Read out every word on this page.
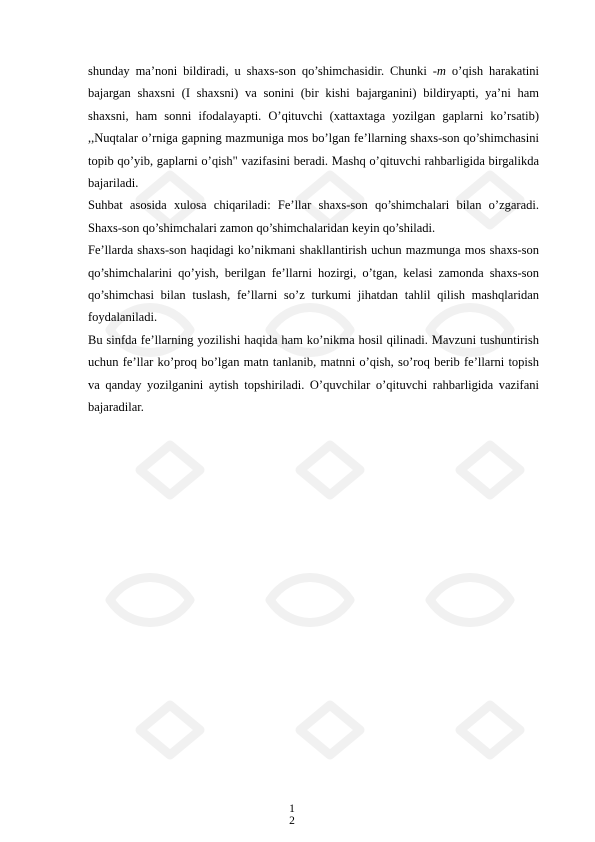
shunday ma’noni bildiradi, u shaxs-son qo’shimchasidir. Chunki -m o’qish harakatini bajargan shaxsni (I shaxsni) va sonini (bir kishi bajarganini) bildiryapti, ya’ni ham shaxsni, ham sonni ifodalayapti. O’qituvchi (xattaxtaga yozilgan gaplarni ko’rsatib) ,,Nuqtalar o’rniga gapning mazmuniga mos bo’lgan fe’llarning shaxs-son qo’shimchasini topib qo’yib, gaplarni o’qish" vazifasini beradi. Mashq o’qituvchi rahbarligida birgalikda bajariladi.

Suhbat asosida xulosa chiqariladi: Fe’llar shaxs-son qo’shimchalari bilan o’zgaradi. Shaxs-son qo’shimchalari zamon qo’shimchalaridan keyin qo’shiladi.

Fe’llarda shaxs-son haqidagi ko’nikmani shakllantirish uchun mazmunga mos shaxs-son qo’shimchalarini qo’yish, berilgan fe’llarni hozirgi, o’tgan, kelasi zamonda shaxs-son qo’shimchasi bilan tuslash, fe’llarni so’z turkumi jihatdan tahlil qilish mashqlaridan foydalaniladi.

Bu sinfda fe’llarning yozilishi haqida ham ko’nikma hosil qilinadi. Mavzuni tushuntirish uchun fe’llar ko’proq bo’lgan matn tanlanib, matnni o’qish, so’roq berib fe’llarni topish va qanday yozilganini aytish topshiriladi. O’quvchilar o’qituvchi rahbarligida vazifani bajaradilar.

1
2
